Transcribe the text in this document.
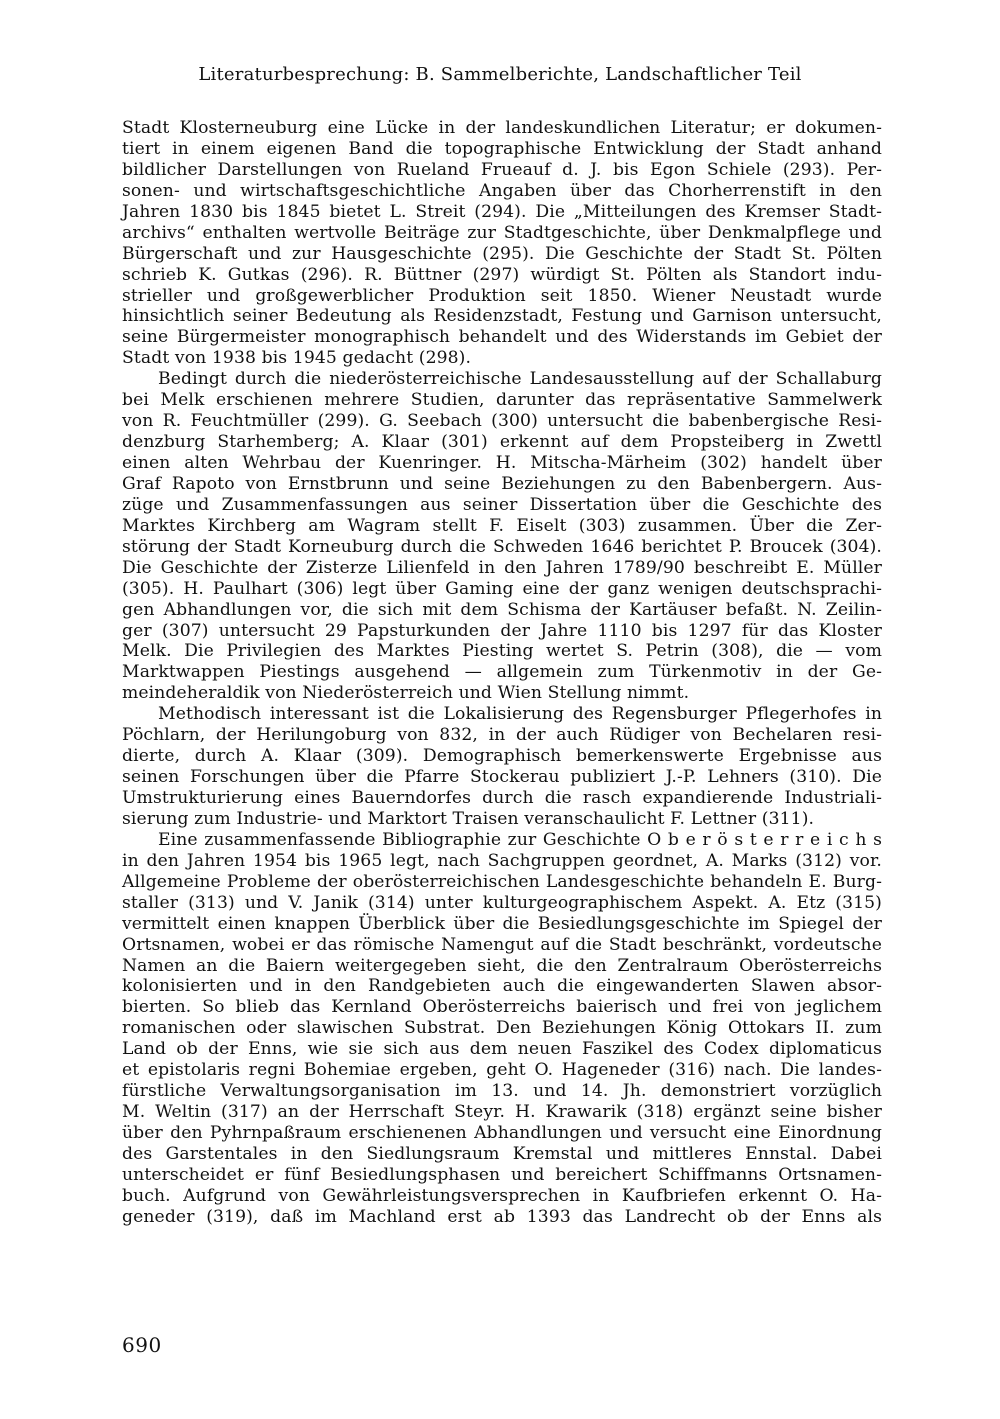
Literaturbesprechung: B. Sammelberichte, Landschaftlicher Teil
Stadt Klosterneuburg eine Lücke in der landeskundlichen Literatur; er dokumen-
tiert in einem eigenen Band die topographische Entwicklung der Stadt anhand
bildlicher Darstellungen von Rueland Frueauf d. J. bis Egon Schiele (293). Per-
sonen- und wirtschaftsgeschichtliche Angaben über das Chorherrenstift in den
Jahren 1830 bis 1845 bietet L. Streit (294). Die „Mitteilungen des Kremser Stadt-
archivs“ enthalten wertvolle Beiträge zur Stadtgeschichte, über Denkmalpflege und
Bürgerschaft und zur Hausgeschichte (295). Die Geschichte der Stadt St. Pölten
schrieb K. Gutkas (296). R. Büttner (297) würdigt St. Pölten als Standort indu-
strieller und großgewerblicher Produktion seit 1850. Wiener Neustadt wurde
hinsichtlich seiner Bedeutung als Residenzstadt, Festung und Garnison untersucht,
seine Bürgermeister monographisch behandelt und des Widerstands im Gebiet der
Stadt von 1938 bis 1945 gedacht (298).
Bedingt durch die niederösterreichische Landesausstellung auf der Schallaburg
bei Melk erschienen mehrere Studien, darunter das repräsentative Sammelwerk
von R. Feuchtmüller (299). G. Seebach (300) untersucht die babenbergische Resi-
denzburg Starhemberg; A. Klaar (301) erkennt auf dem Propsteiberg in Zwettl
einen alten Wehrbau der Kuenringer. H. Mitscha-Märheim (302) handelt über
Graf Rapoto von Ernstbrunn und seine Beziehungen zu den Babenbergern. Aus-
züge und Zusammenfassungen aus seiner Dissertation über die Geschichte des
Marktes Kirchberg am Wagram stellt F. Eiselt (303) zusammen. Über die Zer-
störung der Stadt Korneuburg durch die Schweden 1646 berichtet P. Broucek (304).
Die Geschichte der Zisterze Lilienfeld in den Jahren 1789/90 beschreibt E. Müller
(305). H. Paulhart (306) legt über Gaming eine der ganz wenigen deutschsprachi-
gen Abhandlungen vor, die sich mit dem Schisma der Kartäuser befaßt. N. Zeilin-
ger (307) untersucht 29 Papsturkunden der Jahre 1110 bis 1297 für das Kloster
Melk. Die Privilegien des Marktes Piesting wertet S. Petrin (308), die — vom
Marktwappen Piestings ausgehend — allgemein zum Türkenmotiv in der Ge-
meindeheraldik von Niederösterreich und Wien Stellung nimmt.
Methodisch interessant ist die Lokalisierung des Regensburger Pflegerhofes in
Pöchlarn, der Herilungoburg von 832, in der auch Rüdiger von Bechelaren resi-
dierte, durch A. Klaar (309). Demographisch bemerkenswerte Ergebnisse aus
seinen Forschungen über die Pfarre Stockerau publiziert J.-P. Lehners (310). Die
Umstrukturierung eines Bauerndorfes durch die rasch expandierende Industriali-
sierung zum Industrie- und Marktort Traisen veranschaulicht F. Lettner (311).
Eine zusammenfassende Bibliographie zur Geschichte O b e r ö s t e r r e i c h s
in den Jahren 1954 bis 1965 legt, nach Sachgruppen geordnet, A. Marks (312) vor.
Allgemeine Probleme der oberösterreichischen Landesgeschichte behandeln E. Burg-
staller (313) und V. Janik (314) unter kulturgeographischem Aspekt. A. Etz (315)
vermittelt einen knappen Überblick über die Besiedlungsgeschichte im Spiegel der
Ortsnamen, wobei er das römische Namengut auf die Stadt beschränkt, vordeutsche
Namen an die Baiern weitergegeben sieht, die den Zentralraum Oberösterreichs
kolonisierten und in den Randgebieten auch die eingewanderten Slawen absor-
bierten. So blieb das Kernland Oberösterreichs baierisch und frei von jeglichem
romanischen oder slawischen Substrat. Den Beziehungen König Ottokars II. zum
Land ob der Enns, wie sie sich aus dem neuen Faszikel des Codex diplomaticus
et epistolaris regni Bohemiae ergeben, geht O. Hageneder (316) nach. Die landes-
fürstliche Verwaltungsorganisation im 13. und 14. Jh. demonstriert vorzüglich
M. Weltin (317) an der Herrschaft Steyr. H. Krawarik (318) ergänzt seine bisher
über den Pyhrnpaßraum erschienenen Abhandlungen und versucht eine Einordnung
des Garstentales in den Siedlungsraum Kremstal und mittleres Ennstal. Dabei
unterscheidet er fünf Besiedlungsphasen und bereichert Schiffmanns Ortsnamen-
buch. Aufgrund von Gewährleistungsversprechen in Kaufbriefen erkennt O. Ha-
geneder (319), daß im Machland erst ab 1393 das Landrecht ob der Enns als
690
